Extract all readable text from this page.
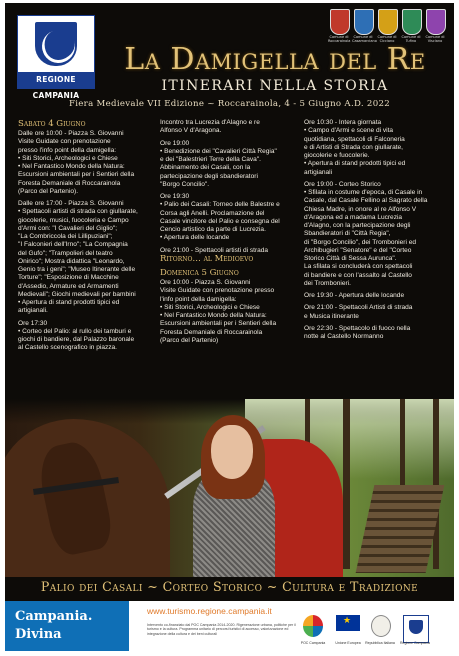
REGIONE CAMPANIA
Comune di Roccarainola
Comune di Casamarciano
Comune di Cicciano
Comune di Tufino
Comune di Visciano
La Damigella del Re
ITINERARI NELLA STORIA
Fiera Medievale VII Edizione ~ Roccarainola, 4 - 5 Giugno A.D. 2022
Sabato 4 Giugno
Dalle ore 10:00 - Piazza S. Giovanni
Visite Guidate con prenotazione
presso l'info point della damigella:
• Siti Storici, Archeologici e Chiese
• Nel Fantastico Mondo della Natura:
Escursioni ambientali per i Sentieri della
Foresta Demaniale di Roccarainola
(Parco del Partenio).
Dalle ore 17:00 - Piazza S. Giovanni
• Spettacoli artisti di strada con giullarate,
giocolerie, musici, fuocoleria e Campo
d'Armi con: "I Cavalieri del Giglio";
"La Combriccola dei Lillipuziani";
"I Falconieri dell'Irno"; "La Compagnia
del Gufo"; "Trampolieri del teatro
Onirico"; Mostra didattica "Leonardo,
Genio tra i geni"; "Museo Itinerante delle
Torture"; "Esposizione di Macchine
d'Assedio, Armature ed Armamenti
Medievali"; Giochi medievali per bambini
• Apertura di stand prodotti tipici ed
artigianali.
Ore 17:30
• Corteo del Palio: al rullo dei tamburi e
giochi di bandiere, dal Palazzo baronale
al Castello scenografico in piazza.
Incontro tra Lucrezia d'Alagno e re
Alfonso V d'Aragona.
Ore 19:00
• Benedizione dei "Cavalieri Città Regia"
e dei "Balestrieri Terre della Cava".
Abbinamento dei Casali, con la
partecipazione degli sbandieratori
"Borgo Concilio".
Ore 19:30
• Palio dei Casali: Torneo delle Balestre e
Corsa agli Anelli. Proclamazione del
Casale vincitore del Palio e consegna del
Cencio artistico da parte di Lucrezia.
• Apertura delle locande
Ore 21:00 - Spettacoli artisti di strada
Ritorno… al Medioevo
Domenica 5 Giugno
Ore 10:00 - Piazza S. Giovanni
Visite Guidate con prenotazione presso
l'info point della damigella:
• Siti Storici, Archeologici e Chiese
• Nel Fantastico Mondo della Natura:
Escursioni ambientali per i Sentieri della
Foresta Demaniale di Roccarainola
(Parco del Partenio)
Ore 10:30 - Intera giornata
• Campo d'Armi e scene di vita
quotidiana, spettacoli di Falconeria
e di Artisti di Strada con giullarate,
giocolerie e fuocolerie.
• Apertura di stand prodotti tipici ed
artigianali
Ore 19:00 - Corteo Storico
• Sfilata in costume d'epoca, di Casale in
Casale, dal Casale Fellino al Sagrato della
Chiesa Madre, in onore al re Alfonso V
d'Aragona ed a madama Lucrezia
d'Alagno, con la partecipazione degli
Sbandieratori di "Città Regia",
di "Borgo Concilio", dei Trombonieri ed
Archibugieri "Senatore" e del "Corteo
Storico Città di Sessa Aurunca".
La sfilata si concluderà con spettacoli
di bandiere e con l'assalto al Castello
dei Trombonieri.
Ore 19:30 - Apertura delle locande
Ore 21:00 - Spettacoli Artisti di strada
e Musica itinerante
Ore 22:30 - Spettacolo di fuoco nella
notte al Castello Normanno
Palio dei Casali ~ Corteo Storico ~ Cultura e Tradizione
Campania.
Divina
www.turismo.regione.campania.it
Intervento co-finanziato dal POC Campania 2014-2020. Rigenerazione urbana, politiche per il turismo e la cultura. Programma unitario di percorsi turistici di accesso, valorizzazione ed integrazione della cultura e dei beni culturali
★
POC Campania	Unione Europea	Repubblica Italiana	Regione Campania
